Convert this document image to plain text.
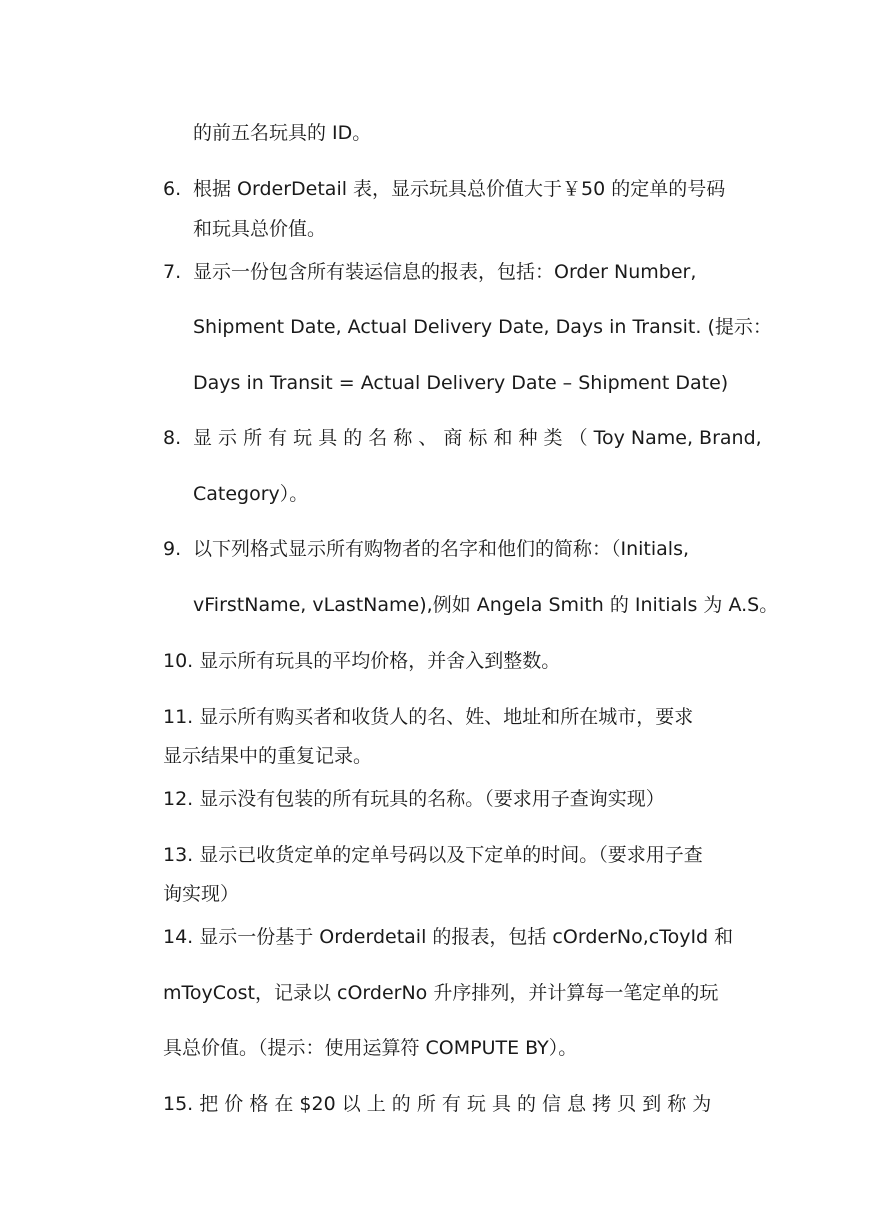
的前五名玩具的 ID。
6. 根据 OrderDetail 表，显示玩具总价值大于￥50 的定单的号码
和玩具总价值。
7. 显示一份包含所有装运信息的报表，包括：Order Number,
Shipment Date, Actual Delivery Date, Days in Transit. (提示：
Days in Transit = Actual Delivery Date – Shipment Date)
8. 显 示 所 有 玩 具 的 名 称 、 商 标 和 种 类 （ Toy Name, Brand,
Category）。
9. 以下列格式显示所有购物者的名字和他们的简称：（Initials,
vFirstName, vLastName),例如 Angela Smith 的 Initials 为 A.S。
10. 显示所有玩具的平均价格，并舍入到整数。
11. 显示所有购买者和收货人的名、姓、地址和所在城市，要求
显示结果中的重复记录。
12. 显示没有包装的所有玩具的名称。（要求用子查询实现）
13. 显示已收货定单的定单号码以及下定单的时间。（要求用子查
询实现）
14. 显示一份基于 Orderdetail 的报表，包括 cOrderNo,cToyId 和
mToyCost，记录以 cOrderNo 升序排列，并计算每一笔定单的玩
具总价值。（提示：使用运算符 COMPUTE BY）。
15. 把 价 格 在 $20 以 上 的 所 有 玩 具 的 信 息 拷 贝 到 称 为
